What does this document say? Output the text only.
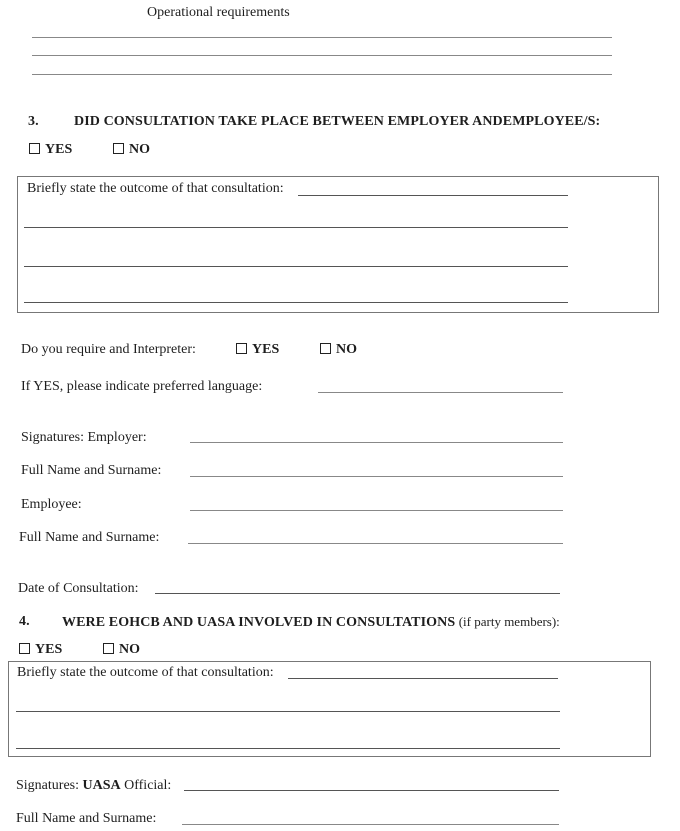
Operational requirements
3.	DID CONSULTATION TAKE PLACE BETWEEN EMPLOYER ANDEMPLOYEE/S:
YES	NO
Briefly state the outcome of that consultation:
Do you require and Interpreter:	YES	NO
If YES, please indicate preferred language:
Signatures: Employer:
Full Name and Surname:
Employee:
Full Name and Surname:
Date of Consultation:
4. WERE EOHCB AND UASA INVOLVED IN CONSULTATIONS (if party members):
YES	NO
Briefly state the outcome of that consultation:
Signatures: UASA Official:
Full Name and Surname:
